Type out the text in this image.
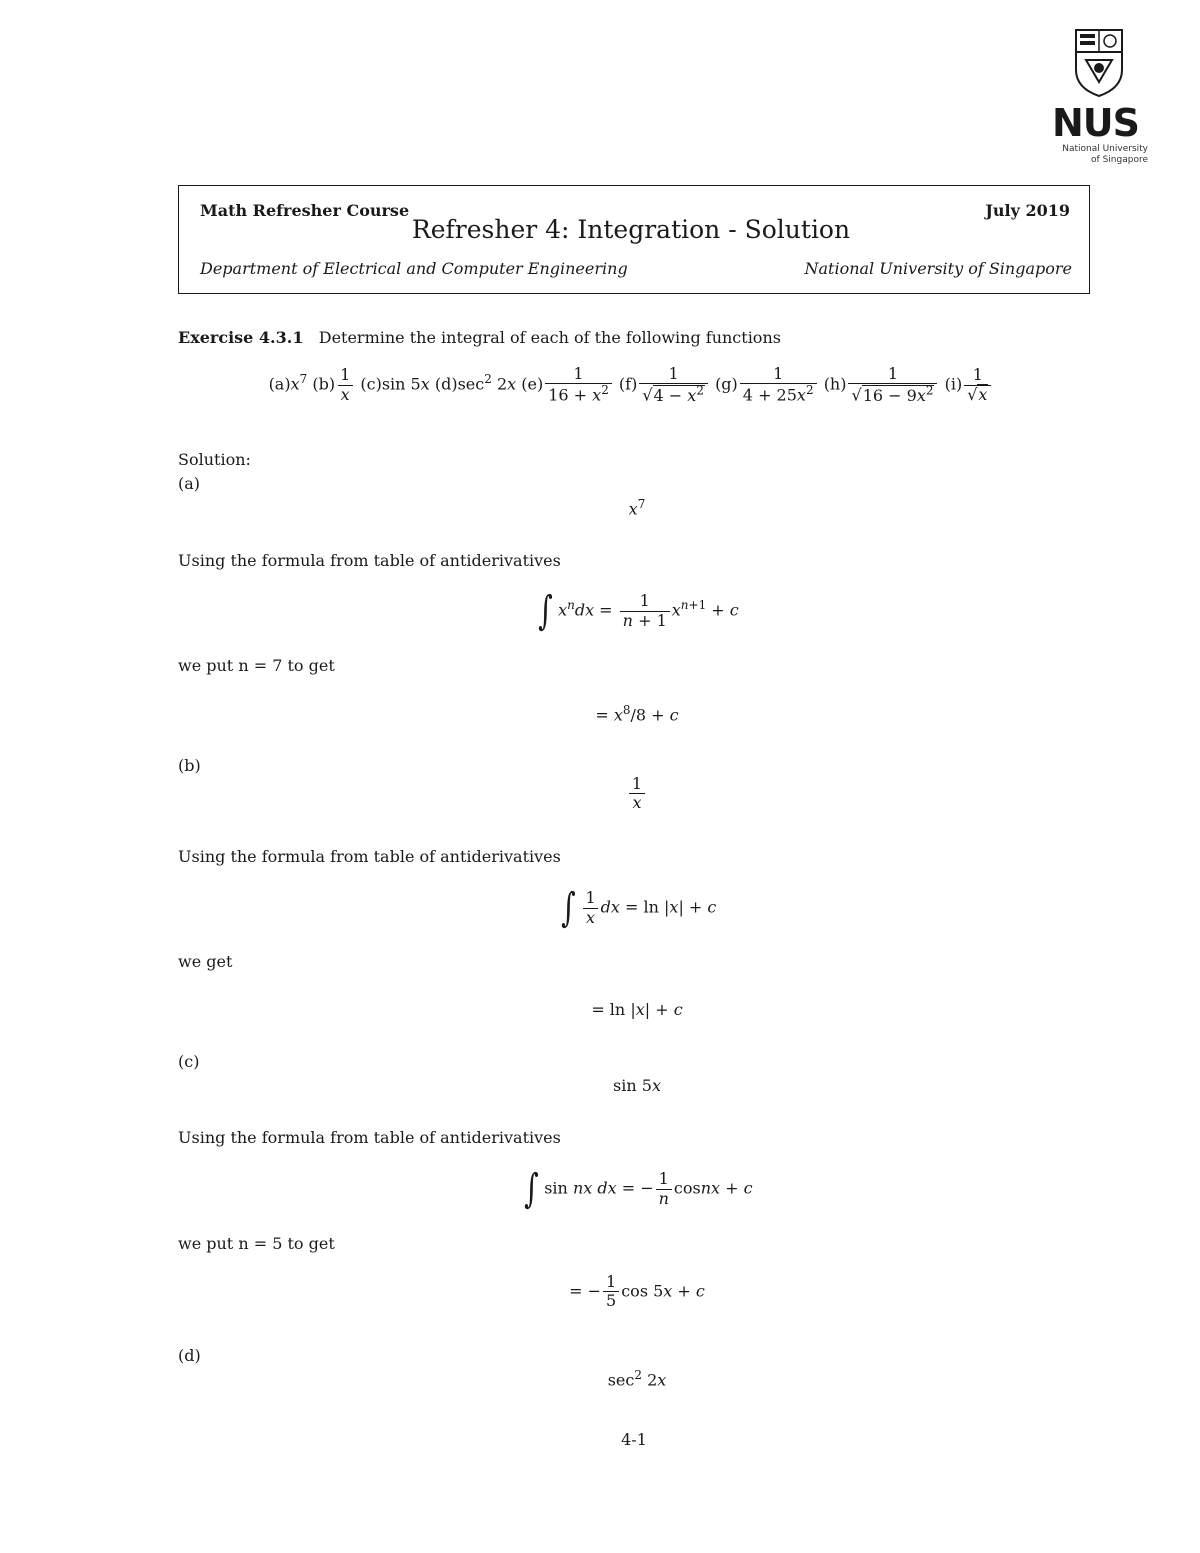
NUS
National University
of Singapore
Math Refresher Course	July 2019
Refresher 4: Integration - Solution
Department of Electrical and Computer Engineering	National University of Singapore
Exercise 4.3.1 Determine the integral of each of the following functions
$(a)x^7$ $(b) \frac{1}{x} (c)\sin$ 5x $(d)\sec^2$ 2x $(e) \frac{1}{16 + x^2} (f) \frac{1}{√4 - x^2} (g) \frac{1}{4 + 25x^2} (h) \frac{1}{√16 - 9x^2} (i) \frac{1}{√x}$
Solution:
(a)
$x^7$
Using the formula from table of antiderivatives
∫ $x^ndx = \frac{1}{n + 1} x^{n+1} + c$
we put n = 7 to get
= $x^8/8 + c$
(b)
$\frac{1}{x}$
Using the formula from table of antiderivatives
∫ $\frac{1}{x}$ dx = ln |x| + c
we get
= ln |x| + c
(c)
sin 5x
Using the formula from table of antiderivatives
∫ sin nx dx = − $\frac{1}{n}$ cosnx + c
we put n = 5 to get
= − $\frac{1}{5}$ cos 5x + c
(d)
$\sec^2 2x$
4-1
